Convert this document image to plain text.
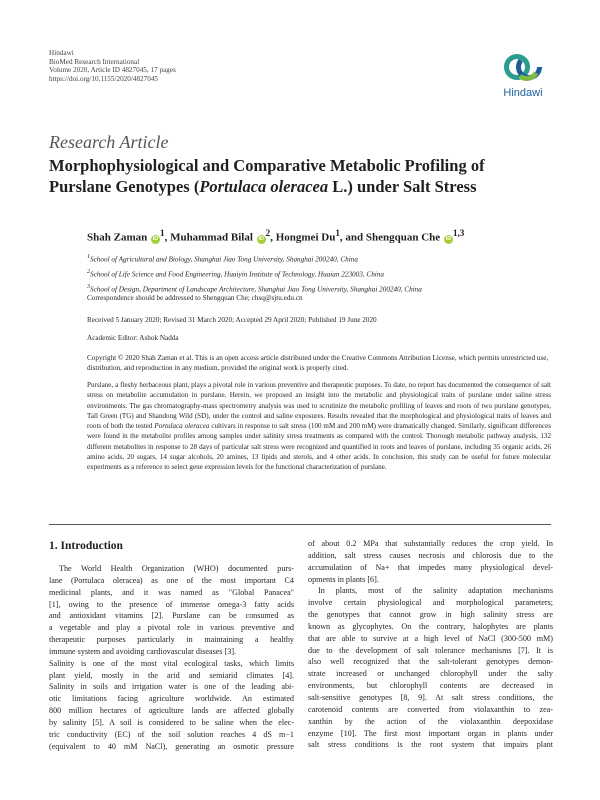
Hindawi
BioMed Research International
Volume 2020, Article ID 4827045, 17 pages
https://doi.org/10.1155/2020/4827045
Hindawi
Research Article
Morphophysiological and Comparative Metabolic Profiling of
Purslane Genotypes (Portulaca oleracea L.) under Salt Stress
Shah Zaman $iD^1$, Muhammad Bilal $iD^2$, Hongmei Du$^1$, and Shengquan Che iD$^{1,3}$
$^1$School of Agricultural and Biology, Shanghai Jiao Tong University, Shanghai 200240, China
$^2$School of Life Science and Food Engineering, Huaiyin Institute of Technology, Huaian 223003, China
$^3$School of Design, Department of Landscape Architecture, Shanghai Jiao Tong University, Shanghai 200240, China
Correspondence should be addressed to Shengquan Che; chsq@sjtu.edu.cn
Received 5 January 2020; Revised 31 March 2020; Accepted 29 April 2020; Published 19 June 2020
Academic Editor: Ashok Nadda
Copyright © 2020 Shah Zaman et al. This is an open access article distributed under the Creative Commons Attribution License, which permits unrestricted use, distribution, and reproduction in any medium, provided the original work is properly cited.
Purslane, a fleshy herbaceous plant, plays a pivotal role in various preventive and therapeutic purposes. To date, no report has documented the consequence of salt stress on metabolite accumulation in purslane. Herein, we proposed an insight into the metabolic and physiological traits of purslane under saline stress environments. The gas chromatography-mass spectrometry analysis was used to scrutinize the metabolic profiling of leaves and roots of two purslane genotypes, Tall Green (TG) and Shandong Wild (SD), under the control and saline exposures. Results revealed that the morphological and physiological traits of leaves and roots of both the tested Portulaca oleracea cultivars in response to salt stress (100 mM and 200 mM) were dramatically changed. Similarly, significant differences were found in the metabolite profiles among samples under salinity stress treatments as compared with the control. Thorough metabolic pathway analysis, 132 different metabolites in response to 28 days of particular salt stress were recognized and quantified in roots and leaves of purslane, including 35 organic acids, 26 amino acids, 20 sugars, 14 sugar alcohols, 20 amines, 13 lipids and sterols, and 4 other acids. In conclusion, this study can be useful for future molecular experiments as a reference to select gene expression levels for the functional characterization of purslane.
1. Introduction
The World Health Organization (WHO) documented purs-
lane (Portulaca oleracea) as one of the most important C4
medicinal plants, and it was named as "Global Panacea"
[1], owing to the presence of immense omega-3 fatty acids
and antioxidant vitamins [2]. Purslane can be consumed as
a vegetable and play a pivotal role in various preventive and
therapeutic purposes particularly in maintaining a healthy
immune system and avoiding cardiovascular diseases [3].
Salinity is one of the most vital ecological tasks, which limits
plant yield, mostly in the arid and semiarid climates [4].
Salinity in soils and irrigation water is one of the leading abi-
otic limitations facing agriculture worldwide. An estimated
800 million hectares of agriculture lands are affected globally
by salinity [5]. A soil is considered to be saline when the elec-
tric conductivity (EC) of the soil solution reaches 4 dS m−1
(equivalent to 40 mM NaCl), generating an osmotic pressure
of about 0.2 MPa that substantially reduces the crop yield. In
addition, salt stress causes necrosis and chlorosis due to the
accumulation of Na+ that impedes many physiological devel-
opments in plants [6].
In plants, most of the salinity adaptation mechanisms
involve certain physiological and morphological parameters;
the genotypes that cannot grow in high salinity stress are
known as glycophytes. On the contrary, halophytes are plants
that are able to survive at a high level of NaCl (300-500 mM)
due to the development of salt tolerance mechanisms [7]. It is
also well recognized that the salt-tolerant genotypes demon-
strate increased or unchanged chlorophyll under the salty
environments, but chlorophyll contents are decreased in
salt-sensitive genotypes [8, 9]. At salt stress conditions, the
carotenoid contents are converted from violaxanthin to zea-
xanthin by the action of the violaxanthin deepoxidase
enzyme [10]. The first most important organ in plants under
salt stress conditions is the root system that impairs plant
